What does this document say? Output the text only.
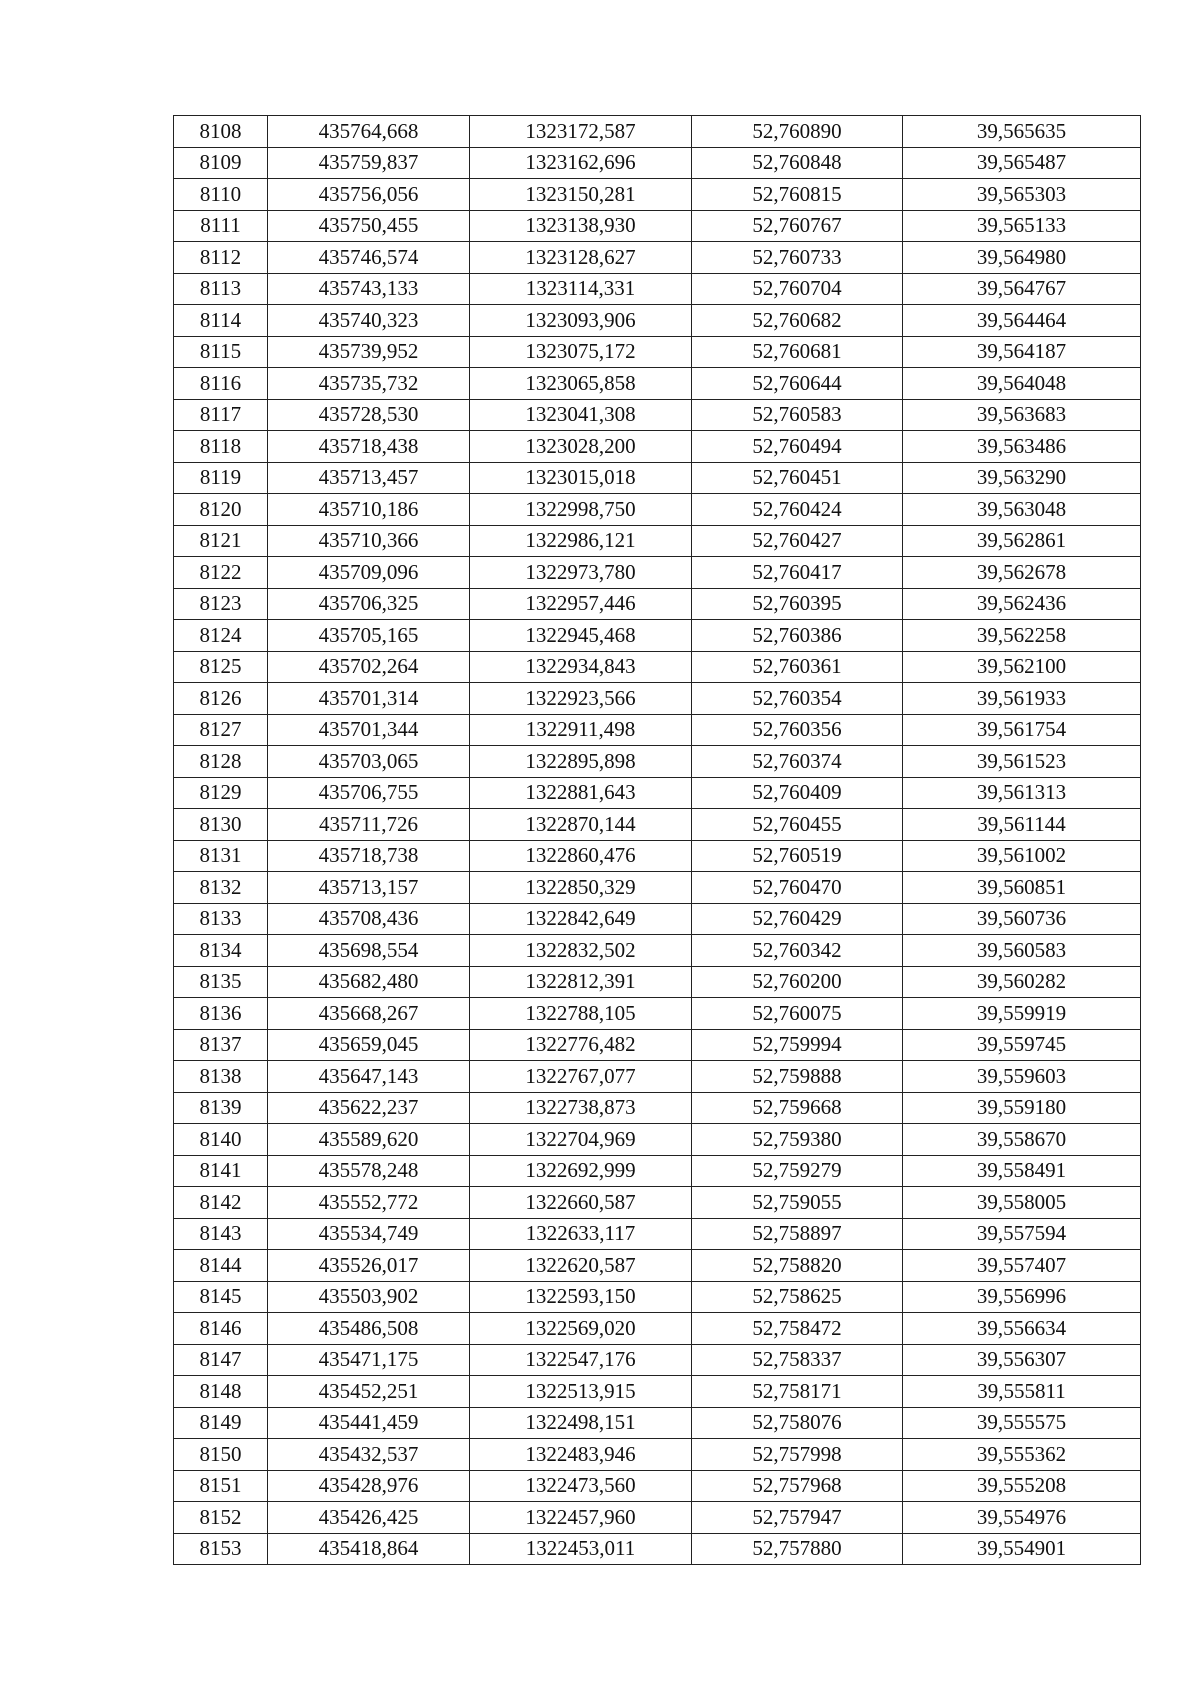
8108	435764,668	1323172,587	52,760890	39,565635
8109	435759,837	1323162,696	52,760848	39,565487
8110	435756,056	1323150,281	52,760815	39,565303
8111	435750,455	1323138,930	52,760767	39,565133
8112	435746,574	1323128,627	52,760733	39,564980
8113	435743,133	1323114,331	52,760704	39,564767
8114	435740,323	1323093,906	52,760682	39,564464
8115	435739,952	1323075,172	52,760681	39,564187
8116	435735,732	1323065,858	52,760644	39,564048
8117	435728,530	1323041,308	52,760583	39,563683
8118	435718,438	1323028,200	52,760494	39,563486
8119	435713,457	1323015,018	52,760451	39,563290
8120	435710,186	1322998,750	52,760424	39,563048
8121	435710,366	1322986,121	52,760427	39,562861
8122	435709,096	1322973,780	52,760417	39,562678
8123	435706,325	1322957,446	52,760395	39,562436
8124	435705,165	1322945,468	52,760386	39,562258
8125	435702,264	1322934,843	52,760361	39,562100
8126	435701,314	1322923,566	52,760354	39,561933
8127	435701,344	1322911,498	52,760356	39,561754
8128	435703,065	1322895,898	52,760374	39,561523
8129	435706,755	1322881,643	52,760409	39,561313
8130	435711,726	1322870,144	52,760455	39,561144
8131	435718,738	1322860,476	52,760519	39,561002
8132	435713,157	1322850,329	52,760470	39,560851
8133	435708,436	1322842,649	52,760429	39,560736
8134	435698,554	1322832,502	52,760342	39,560583
8135	435682,480	1322812,391	52,760200	39,560282
8136	435668,267	1322788,105	52,760075	39,559919
8137	435659,045	1322776,482	52,759994	39,559745
8138	435647,143	1322767,077	52,759888	39,559603
8139	435622,237	1322738,873	52,759668	39,559180
8140	435589,620	1322704,969	52,759380	39,558670
8141	435578,248	1322692,999	52,759279	39,558491
8142	435552,772	1322660,587	52,759055	39,558005
8143	435534,749	1322633,117	52,758897	39,557594
8144	435526,017	1322620,587	52,758820	39,557407
8145	435503,902	1322593,150	52,758625	39,556996
8146	435486,508	1322569,020	52,758472	39,556634
8147	435471,175	1322547,176	52,758337	39,556307
8148	435452,251	1322513,915	52,758171	39,555811
8149	435441,459	1322498,151	52,758076	39,555575
8150	435432,537	1322483,946	52,757998	39,555362
8151	435428,976	1322473,560	52,757968	39,555208
8152	435426,425	1322457,960	52,757947	39,554976
8153	435418,864	1322453,011	52,757880	39,554901
